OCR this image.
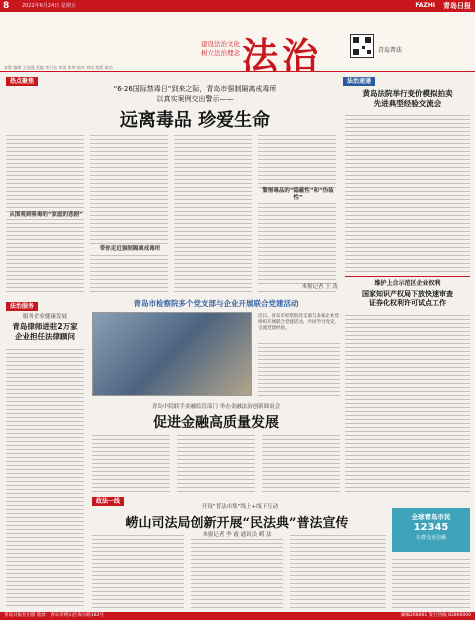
8	2022年6月24日 星期五	FAZHI 青岛日报
建设法治文化
树立法治理念 法治	青岛普法
本版 编辑 王国强 美编 李卫东 审读 张华 校对 刘成 组版 陈功
热点聚焦
“6·26国际禁毒日”到来之际，青岛市强制隔离戒毒所
以真实案例交出警示——
远离毒品 珍爱生命
从围观到吸毒的“家庭的悲剧”
带你走近强制隔离戒毒所
警惕毒品的“隐蔽性”和“伪装性”
本报记者 王 涛
法治速递
黄岛法院举行变价模拟拍卖
先进典型经验交流会
维护上合示范区企业权利
国家知识产权局下放快速审查
证券化权利许可试点工作
全球青岛市民
12345
让群众更信赖
法治服务
服务企业健康发展
青岛律师进驻2万家
企业担任法律顾问
青岛市检察院多个党支部与企业开展联合党建活动
近日，青岛市检察院党支部与多家企业党组织开展联合党建活动，共同学习党史，交流党建经验。
青岛中院联手金融监管部门 举办金融法治创新圆桌会
促进金融高质量发展
政法一线
开设“普法市集”线上+线下互动
崂山司法局创新开展“民法典”普法宣传
本报记者 李 霞 通讯员 崂 法
青岛日报社出版 地址：青岛市崂山区海尔路182号	邮编266061 发行热线 82860000
